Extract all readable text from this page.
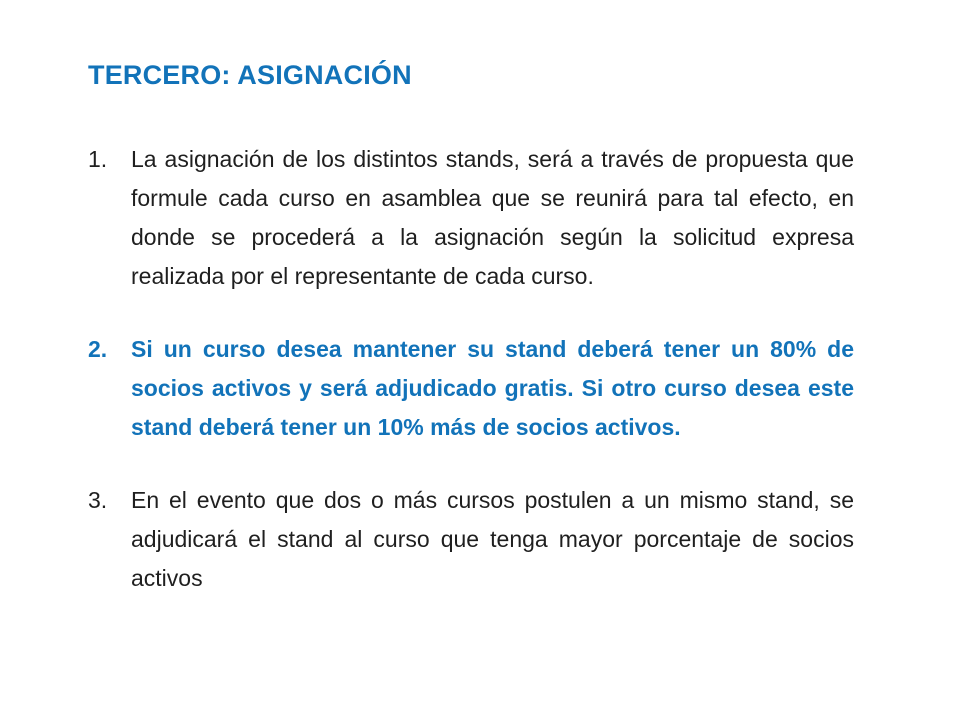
TERCERO: ASIGNACIÓN
1.	La asignación de los distintos stands, será a través de propuesta que formule cada curso en asamblea que se reunirá para tal efecto, en donde se procederá a la asignación según la solicitud expresa realizada por el representante de cada curso.
2.	Si un curso desea mantener su stand deberá tener un 80% de socios activos y será adjudicado gratis. Si otro curso desea este stand deberá tener un 10% más de socios activos.
3.	En el evento que dos o más cursos postulen a un mismo stand, se adjudicará el stand al curso que tenga mayor porcentaje de socios activos
